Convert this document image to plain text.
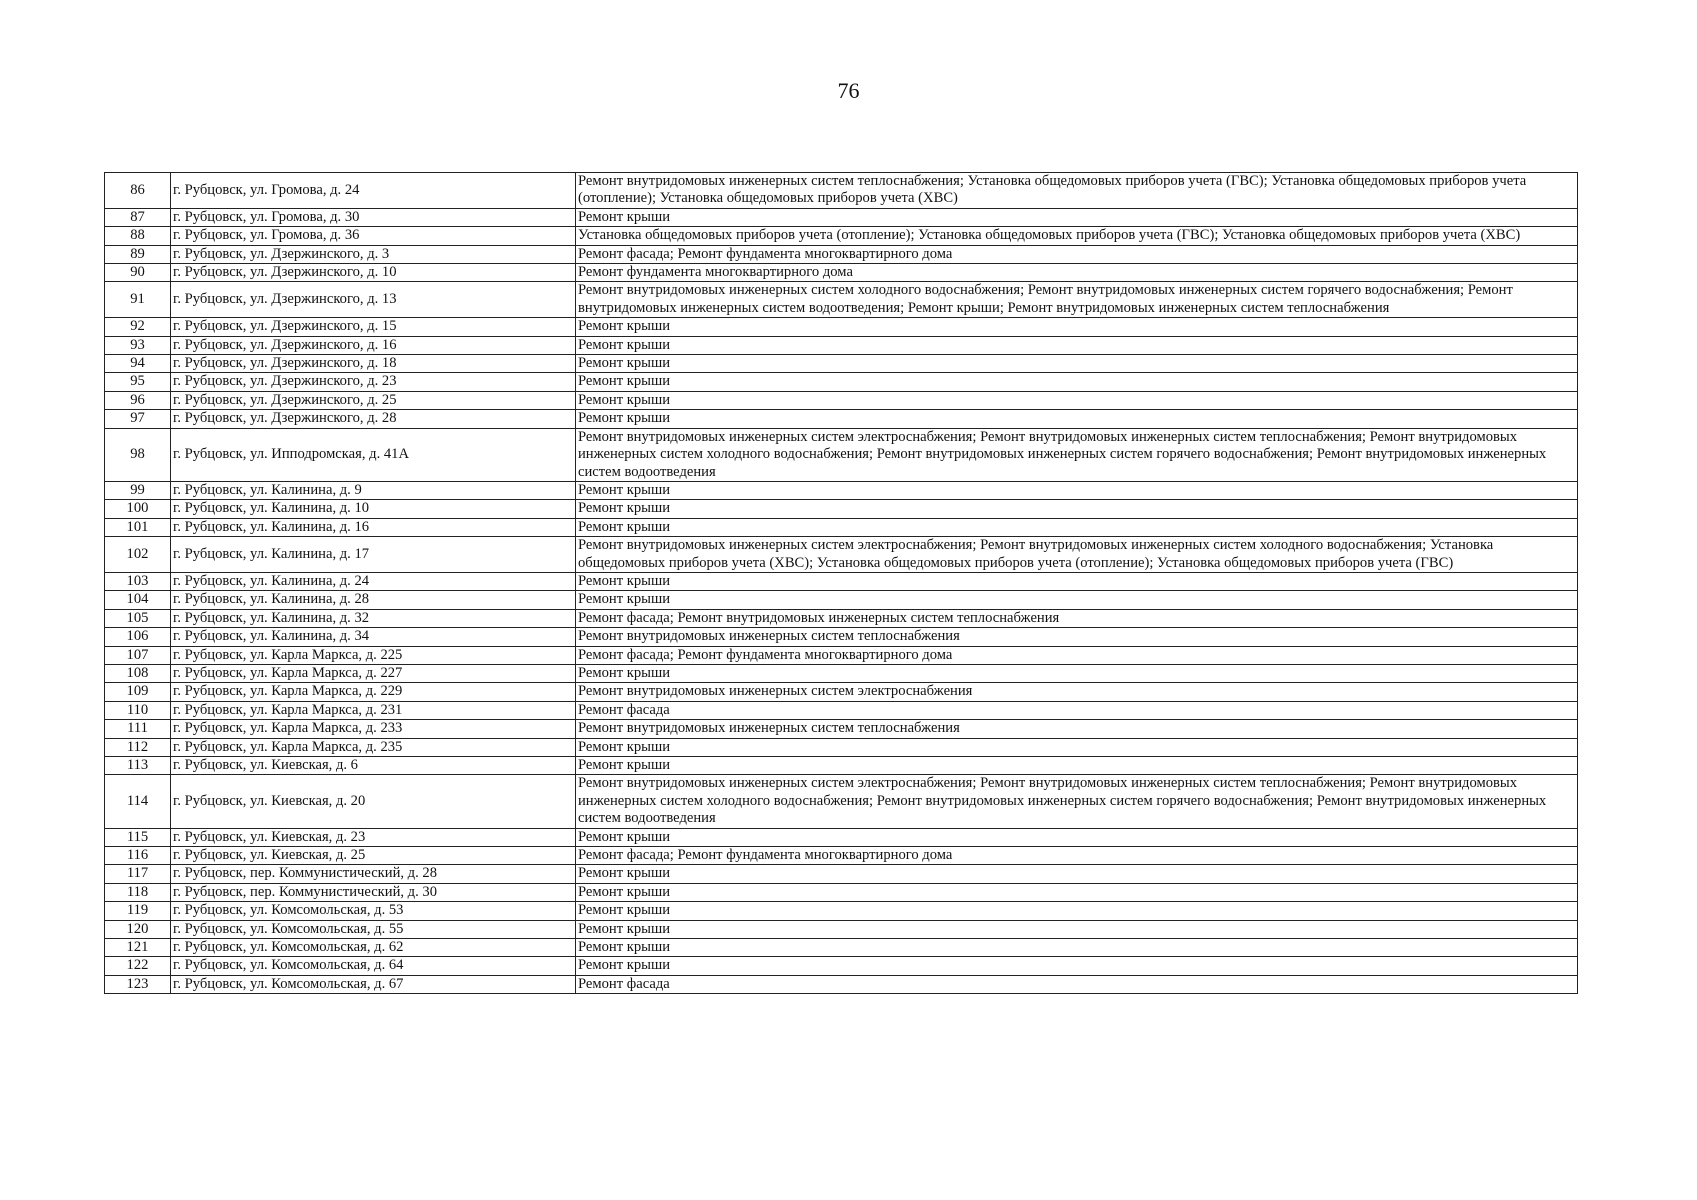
76
86	г. Рубцовск, ул. Громова, д. 24	Ремонт внутридомовых инженерных систем теплоснабжения; Установка общедомовых приборов учета (ГВС); Установка общедомовых приборов учета (отопление); Установка общедомовых приборов учета (ХВС)
87	г. Рубцовск, ул. Громова, д. 30	Ремонт крыши
88	г. Рубцовск, ул. Громова, д. 36	Установка общедомовых приборов учета (отопление); Установка общедомовых приборов учета (ГВС); Установка общедомовых приборов учета (ХВС)
89	г. Рубцовск, ул. Дзержинского, д. 3	Ремонт фасада; Ремонт фундамента многоквартирного дома
90	г. Рубцовск, ул. Дзержинского, д. 10	Ремонт фундамента многоквартирного дома
91	г. Рубцовск, ул. Дзержинского, д. 13	Ремонт внутридомовых инженерных систем холодного водоснабжения; Ремонт внутридомовых инженерных систем горячего водоснабжения; Ремонт внутридомовых инженерных систем водоотведения; Ремонт крыши; Ремонт внутридомовых инженерных систем теплоснабжения
92	г. Рубцовск, ул. Дзержинского, д. 15	Ремонт крыши
93	г. Рубцовск, ул. Дзержинского, д. 16	Ремонт крыши
94	г. Рубцовск, ул. Дзержинского, д. 18	Ремонт крыши
95	г. Рубцовск, ул. Дзержинского, д. 23	Ремонт крыши
96	г. Рубцовск, ул. Дзержинского, д. 25	Ремонт крыши
97	г. Рубцовск, ул. Дзержинского, д. 28	Ремонт крыши
98	г. Рубцовск, ул. Ипподромская, д. 41А	Ремонт внутридомовых инженерных систем электроснабжения; Ремонт внутридомовых инженерных систем теплоснабжения; Ремонт внутридомовых инженерных систем холодного водоснабжения; Ремонт внутридомовых инженерных систем горячего водоснабжения; Ремонт внутридомовых инженерных систем водоотведения
99	г. Рубцовск, ул. Калинина, д. 9	Ремонт крыши
100	г. Рубцовск, ул. Калинина, д. 10	Ремонт крыши
101	г. Рубцовск, ул. Калинина, д. 16	Ремонт крыши
102	г. Рубцовск, ул. Калинина, д. 17	Ремонт внутридомовых инженерных систем электроснабжения; Ремонт внутридомовых инженерных систем холодного водоснабжения; Установка общедомовых приборов учета (ХВС); Установка общедомовых приборов учета (отопление); Установка общедомовых приборов учета (ГВС)
103	г. Рубцовск, ул. Калинина, д. 24	Ремонт крыши
104	г. Рубцовск, ул. Калинина, д. 28	Ремонт крыши
105	г. Рубцовск, ул. Калинина, д. 32	Ремонт фасада; Ремонт внутридомовых инженерных систем теплоснабжения
106	г. Рубцовск, ул. Калинина, д. 34	Ремонт внутридомовых инженерных систем теплоснабжения
107	г. Рубцовск, ул. Карла Маркса, д. 225	Ремонт фасада; Ремонт фундамента многоквартирного дома
108	г. Рубцовск, ул. Карла Маркса, д. 227	Ремонт крыши
109	г. Рубцовск, ул. Карла Маркса, д. 229	Ремонт внутридомовых инженерных систем электроснабжения
110	г. Рубцовск, ул. Карла Маркса, д. 231	Ремонт фасада
111	г. Рубцовск, ул. Карла Маркса, д. 233	Ремонт внутридомовых инженерных систем теплоснабжения
112	г. Рубцовск, ул. Карла Маркса, д. 235	Ремонт крыши
113	г. Рубцовск, ул. Киевская, д. 6	Ремонт крыши
114	г. Рубцовск, ул. Киевская, д. 20	Ремонт внутридомовых инженерных систем электроснабжения; Ремонт внутридомовых инженерных систем теплоснабжения; Ремонт внутридомовых инженерных систем холодного водоснабжения; Ремонт внутридомовых инженерных систем горячего водоснабжения; Ремонт внутридомовых инженерных систем водоотведения
115	г. Рубцовск, ул. Киевская, д. 23	Ремонт крыши
116	г. Рубцовск, ул. Киевская, д. 25	Ремонт фасада; Ремонт фундамента многоквартирного дома
117	г. Рубцовск, пер. Коммунистический, д. 28	Ремонт крыши
118	г. Рубцовск, пер. Коммунистический, д. 30	Ремонт крыши
119	г. Рубцовск, ул. Комсомольская, д. 53	Ремонт крыши
120	г. Рубцовск, ул. Комсомольская, д. 55	Ремонт крыши
121	г. Рубцовск, ул. Комсомольская, д. 62	Ремонт крыши
122	г. Рубцовск, ул. Комсомольская, д. 64	Ремонт крыши
123	г. Рубцовск, ул. Комсомольская, д. 67	Ремонт фасада
